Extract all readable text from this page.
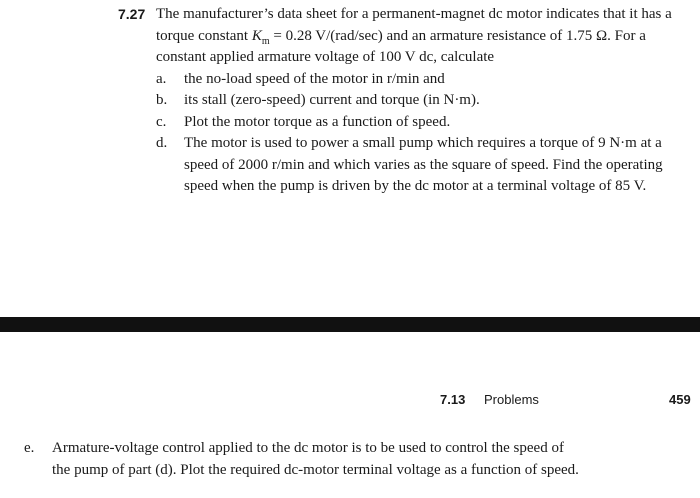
7.27 The manufacturer’s data sheet for a permanent-magnet dc motor indicates that it has a torque constant $K_m = 0.28$ V/(rad/sec) and an armature resistance of 1.75 Ω. For a constant applied armature voltage of 100 V dc, calculate
a.	the no-load speed of the motor in r/min and
b.	its stall (zero-speed) current and torque (in N·m).
c.	Plot the motor torque as a function of speed.
d.	The motor is used to power a small pump which requires a torque of 9 N·m at a speed of 2000 r/min and which varies as the square of speed. Find the operating speed when the pump is driven by the dc motor at a terminal voltage of 85 V.
7.13 Problems	459
e.	Armature-voltage control applied to the dc motor is to be used to control the speed of the pump of part (d). Plot the required dc-motor terminal voltage as a function of speed.
